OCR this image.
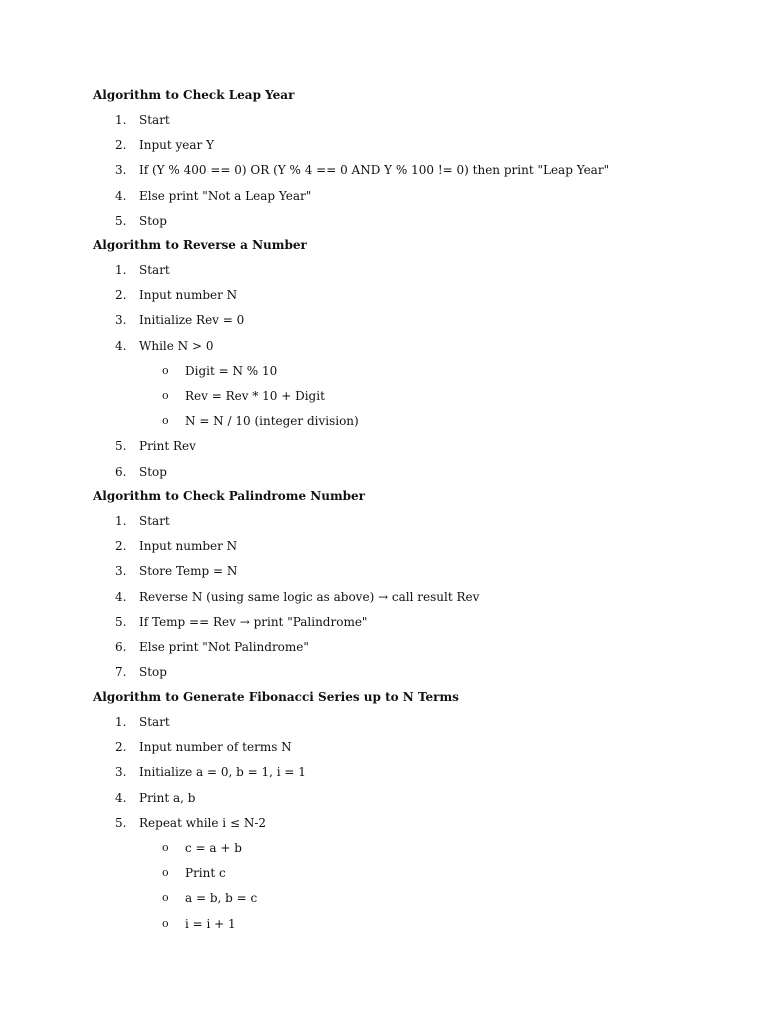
Algorithm to Check Leap Year
1. Start
2. Input year Y
3. If (Y % 400 == 0) OR (Y % 4 == 0 AND Y % 100 != 0) then print "Leap Year"
4. Else print "Not a Leap Year"
5. Stop
Algorithm to Reverse a Number
1. Start
2. Input number N
3. Initialize Rev = 0
4. While N > 0
o Digit = N % 10
o Rev = Rev * 10 + Digit
o N = N / 10 (integer division)
5. Print Rev
6. Stop
Algorithm to Check Palindrome Number
1. Start
2. Input number N
3. Store Temp = N
4. Reverse N (using same logic as above) → call result Rev
5. If Temp == Rev → print "Palindrome"
6. Else print "Not Palindrome"
7. Stop
Algorithm to Generate Fibonacci Series up to N Terms
1. Start
2. Input number of terms N
3. Initialize a = 0, b = 1, i = 1
4. Print a, b
5. Repeat while i ≤ N-2
o c = a + b
o Print c
o a = b, b = c
o i = i + 1
